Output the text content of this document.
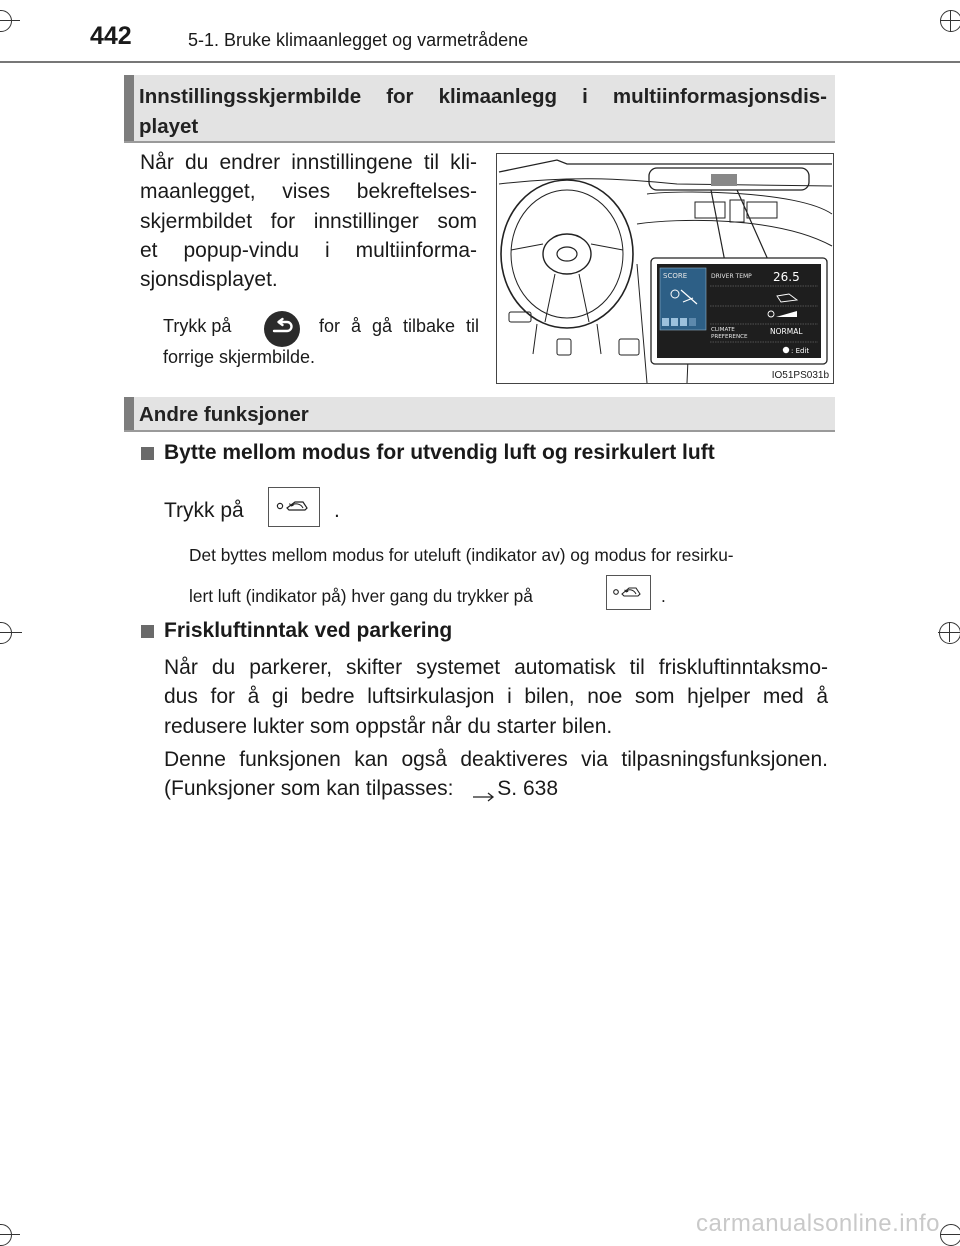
442	5-1. Bruke klimaanlegget og varmetrådene
Innstillingsskjermbilde for klimaanlegg i multiinformasjonsdis-
playet
Når du endrer innstillingene til kli-
maanlegget, vises bekreftelses-
skjermbildet for innstillinger som
et popup-vindu i multiinforma-
sjonsdisplayet.
Trykk på	for å gå tilbake til
forrige skjermbilde.
SCORE	DRIVER TEMP 26.5
CLIMATE
PREFERENCE
NORMAL
: Edit
IO51PS031b
Andre funksjoner
Bytte mellom modus for utvendig luft og resirkulert luft
Trykk på	.
Det byttes mellom modus for uteluft (indikator av) og modus for resirku-
lert luft (indikator på) hver gang du trykker på	.
Friskluftinntak ved parkering
Når du parkerer, skifter systemet automatisk til friskluftinntaksmo-
dus for å gi bedre luftsirkulasjon i bilen, noe som hjelper med å
redusere lukter som oppstår når du starter bilen.
Denne funksjonen kan også deaktiveres via tilpasningsfunksjonen.
(Funksjoner som kan tilpasses: S. 638
carmanualsonline.info
